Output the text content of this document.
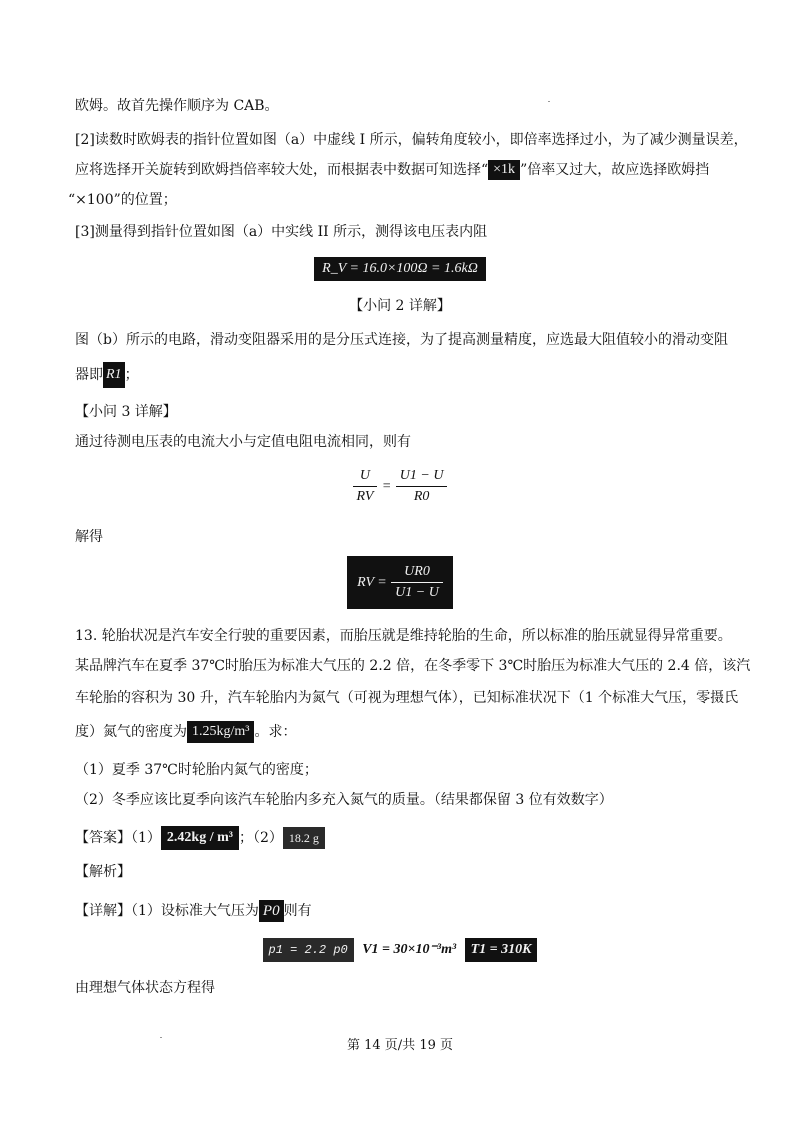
欧姆。故首先操作顺序为 CAB。
[2]读数时欧姆表的指针位置如图（a）中虚线 I 所示，偏转角度较小，即倍率选择过小，为了减少测量误差，
应将选择开关旋转到欧姆挡倍率较大处，而根据表中数据可知选择“ ×1k ”倍率又过大，故应选择欧姆挡
“×100”的位置；
[3]测量得到指针位置如图（a）中实线 II 所示，测得该电压表内阻
R_V = 16.0×100Ω = 1.6kΩ
【小问 2 详解】
图（b）所示的电路，滑动变阻器采用的是分压式连接，为了提高测量精度，应选最大阻值较小的滑动变阻
器即 R1 ；
【小问 3 详解】
通过待测电压表的电流大小与定值电阻电流相同，则有
$\frac{U}{RV} = \frac{U1 - U}{R0}$
解得
RV = $\frac{UR0}{U1 - U}$
13. 轮胎状况是汽车安全行驶的重要因素，而胎压就是维持轮胎的生命，所以标准的胎压就显得异常重要。
某品牌汽车在夏季 37℃时胎压为标准大气压的 2.2 倍，在冬季零下 3℃时胎压为标准大气压的 2.4 倍，该汽
车轮胎的容积为 30 升，汽车轮胎内为氮气（可视为理想气体），已知标准状况下（1 个标准大气压，零摄氏
度）氮气的密度为 1.25kg/m³ 。求：
（1）夏季 37℃时轮胎内氮气的密度；
（2）冬季应该比夏季向该汽车轮胎内多充入氮气的质量。（结果都保留 3 位有效数字）
【答案】（1） 2.42kg / m³ ；（2） 18.2 g
【解析】
【详解】（1）设标准大气压为 P0 则有
p1 = 2.2 p0 V1 = 30×10⁻³m³ T1 = 310K
由理想气体状态方程得
第 14 页/共 19 页
